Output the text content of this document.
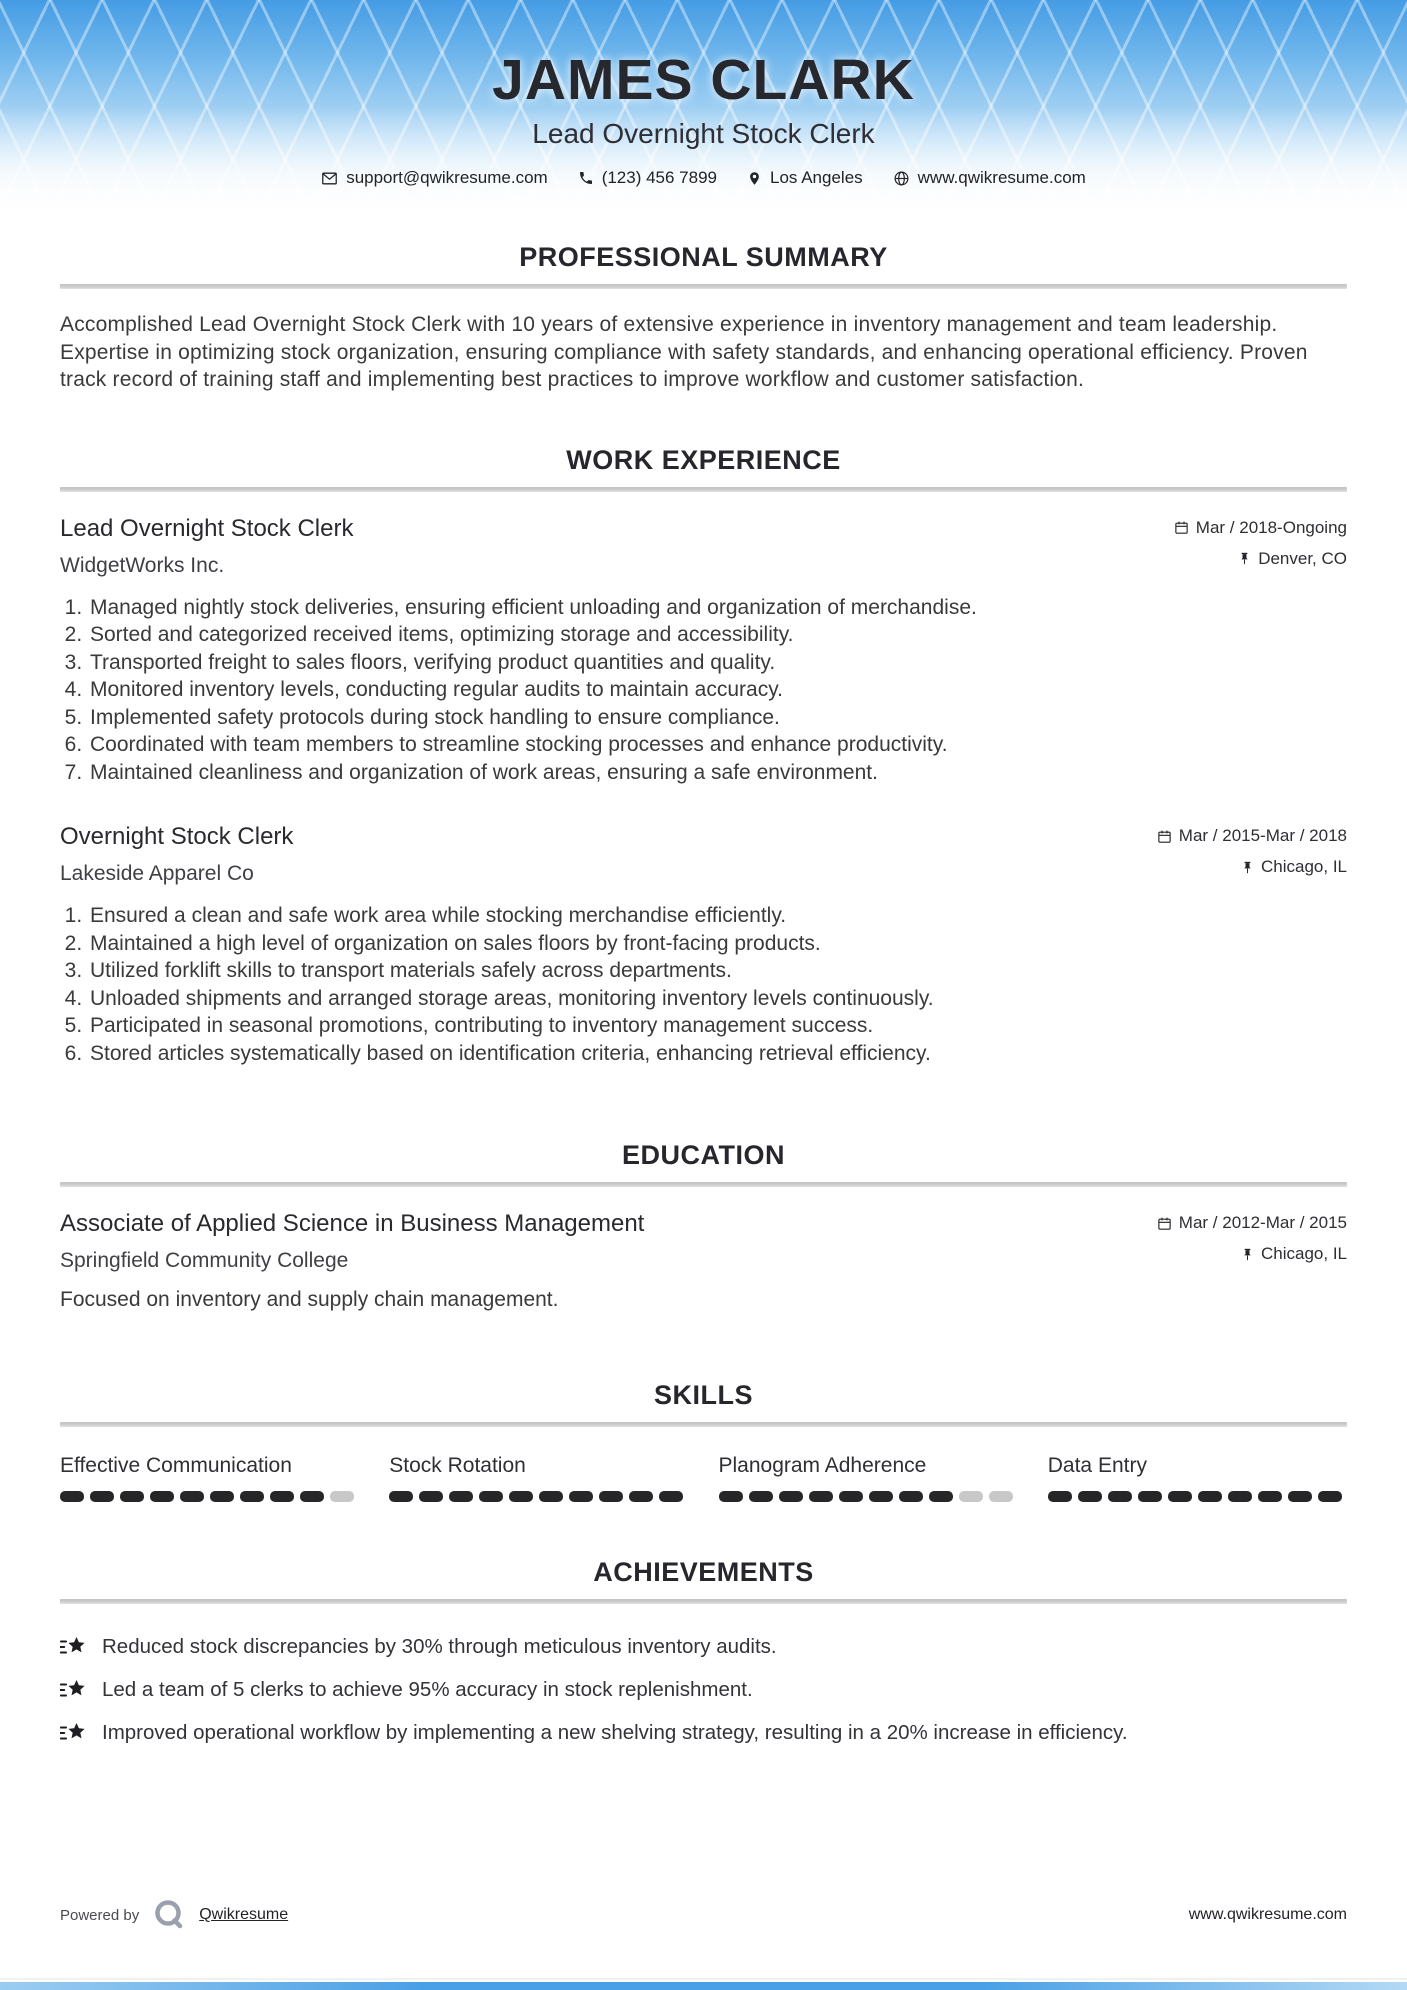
JAMES CLARK
Lead Overnight Stock Clerk
support@qwikresume.com	(123) 456 7899	Los Angeles	www.qwikresume.com
PROFESSIONAL SUMMARY

Accomplished Lead Overnight Stock Clerk with 10 years of extensive experience in inventory management and team leadership. Expertise in optimizing stock organization, ensuring compliance with safety standards, and enhancing operational efficiency. Proven track record of training staff and implementing best practices to improve workflow and customer satisfaction.

WORK EXPERIENCE
Lead Overnight Stock Clerk
WidgetWorks Inc.
Mar / 2018-Ongoing
Denver, CO
1. Managed nightly stock deliveries, ensuring efficient unloading and organization of merchandise.
2. Sorted and categorized received items, optimizing storage and accessibility.
3. Transported freight to sales floors, verifying product quantities and quality.
4. Monitored inventory levels, conducting regular audits to maintain accuracy.
5. Implemented safety protocols during stock handling to ensure compliance.
6. Coordinated with team members to streamline stocking processes and enhance productivity.
7. Maintained cleanliness and organization of work areas, ensuring a safe environment.
Overnight Stock Clerk
Lakeside Apparel Co
Mar / 2015-Mar / 2018
Chicago, IL
1. Ensured a clean and safe work area while stocking merchandise efficiently.
2. Maintained a high level of organization on sales floors by front-facing products.
3. Utilized forklift skills to transport materials safely across departments.
4. Unloaded shipments and arranged storage areas, monitoring inventory levels continuously.
5. Participated in seasonal promotions, contributing to inventory management success.
6. Stored articles systematically based on identification criteria, enhancing retrieval efficiency.
EDUCATION
Associate of Applied Science in Business Management
Springfield Community College
Mar / 2012-Mar / 2015
Chicago, IL
Focused on inventory and supply chain management.
SKILLS
Effective Communication	Stock Rotation	Planogram Adherence	Data Entry
ACHIEVEMENTS
Reduced stock discrepancies by 30% through meticulous inventory audits.
Led a team of 5 clerks to achieve 95% accuracy in stock replenishment.
Improved operational workflow by implementing a new shelving strategy, resulting in a 20% increase in efficiency.
Powered by	Qwikresume	www.qwikresume.com
